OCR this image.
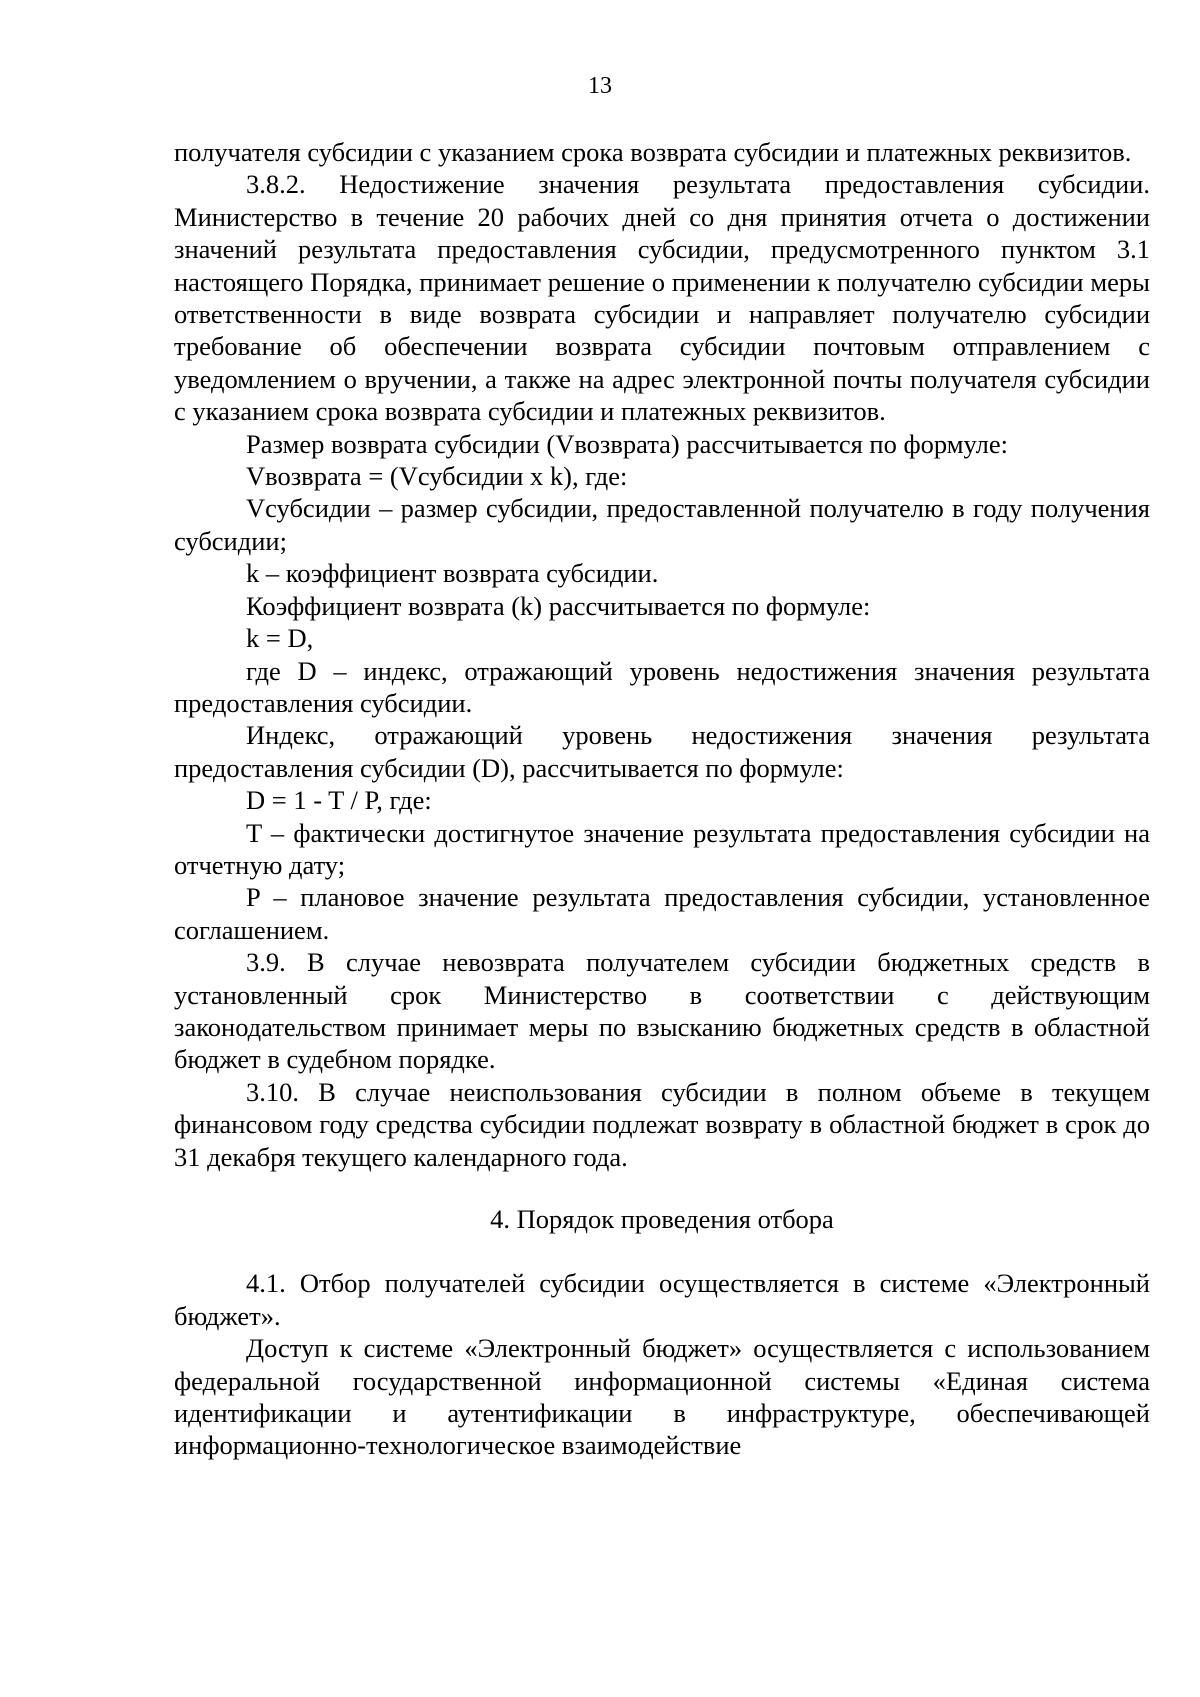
13

получателя субсидии с указанием срока возврата субсидии и платежных реквизитов.

3.8.2. Недостижение значения результата предоставления субсидии. Министерство в течение 20 рабочих дней со дня принятия отчета о достижении значений результата предоставления субсидии, предусмотренного пунктом 3.1 настоящего Порядка, принимает решение о применении к получателю субсидии меры ответственности в виде возврата субсидии и направляет получателю субсидии требование об обеспечении возврата субсидии почтовым отправлением с уведомлением о вручении, а также на адрес электронной почты получателя субсидии с указанием срока возврата субсидии и платежных реквизитов.

Размер возврата субсидии (Vвозврата) рассчитывается по формуле:

Vвозврата = (Vсубсидии x k), где:

Vсубсидии – размер субсидии, предоставленной получателю в году получения субсидии;

k – коэффициент возврата субсидии.

Коэффициент возврата (k) рассчитывается по формуле:

k = D,

где D – индекс, отражающий уровень недостижения значения результата предоставления субсидии.

Индекс, отражающий уровень недостижения значения результата предоставления субсидии (D), рассчитывается по формуле:

D = 1 - T / P, где:

T – фактически достигнутое значение результата предоставления субсидии на отчетную дату;

P – плановое значение результата предоставления субсидии, установленное соглашением.

3.9. В случае невозврата получателем субсидии бюджетных средств в установленный срок Министерство в соответствии с действующим законодательством принимает меры по взысканию бюджетных средств в областной бюджет в судебном порядке.

3.10. В случае неиспользования субсидии в полном объеме в текущем финансовом году средства субсидии подлежат возврату в областной бюджет в срок до 31 декабря текущего календарного года.

4. Порядок проведения отбора

4.1. Отбор получателей субсидии осуществляется в системе «Электронный бюджет».

Доступ к системе «Электронный бюджет» осуществляется с использованием федеральной государственной информационной системы «Единая система идентификации и аутентификации в инфраструктуре, обеспечивающей информационно-технологическое взаимодействие
